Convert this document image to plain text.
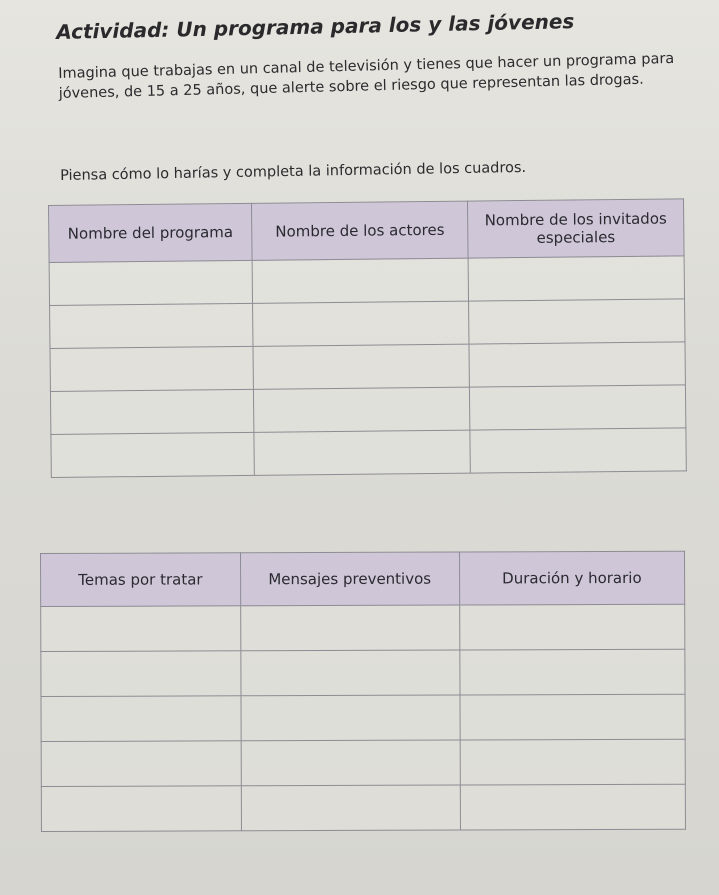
Actividad: Un programa para los y las jóvenes
Imagina que trabajas en un canal de televisión y tienes que hacer un programa para jóvenes, de 15 a 25 años, que alerte sobre el riesgo que representan las drogas.
Piensa cómo lo harías y completa la información de los cuadros.
Nombre del programa	Nombre de los actores	Nombre de los invitados especiales

Temas por tratar	Mensajes preventivos	Duración y horario
